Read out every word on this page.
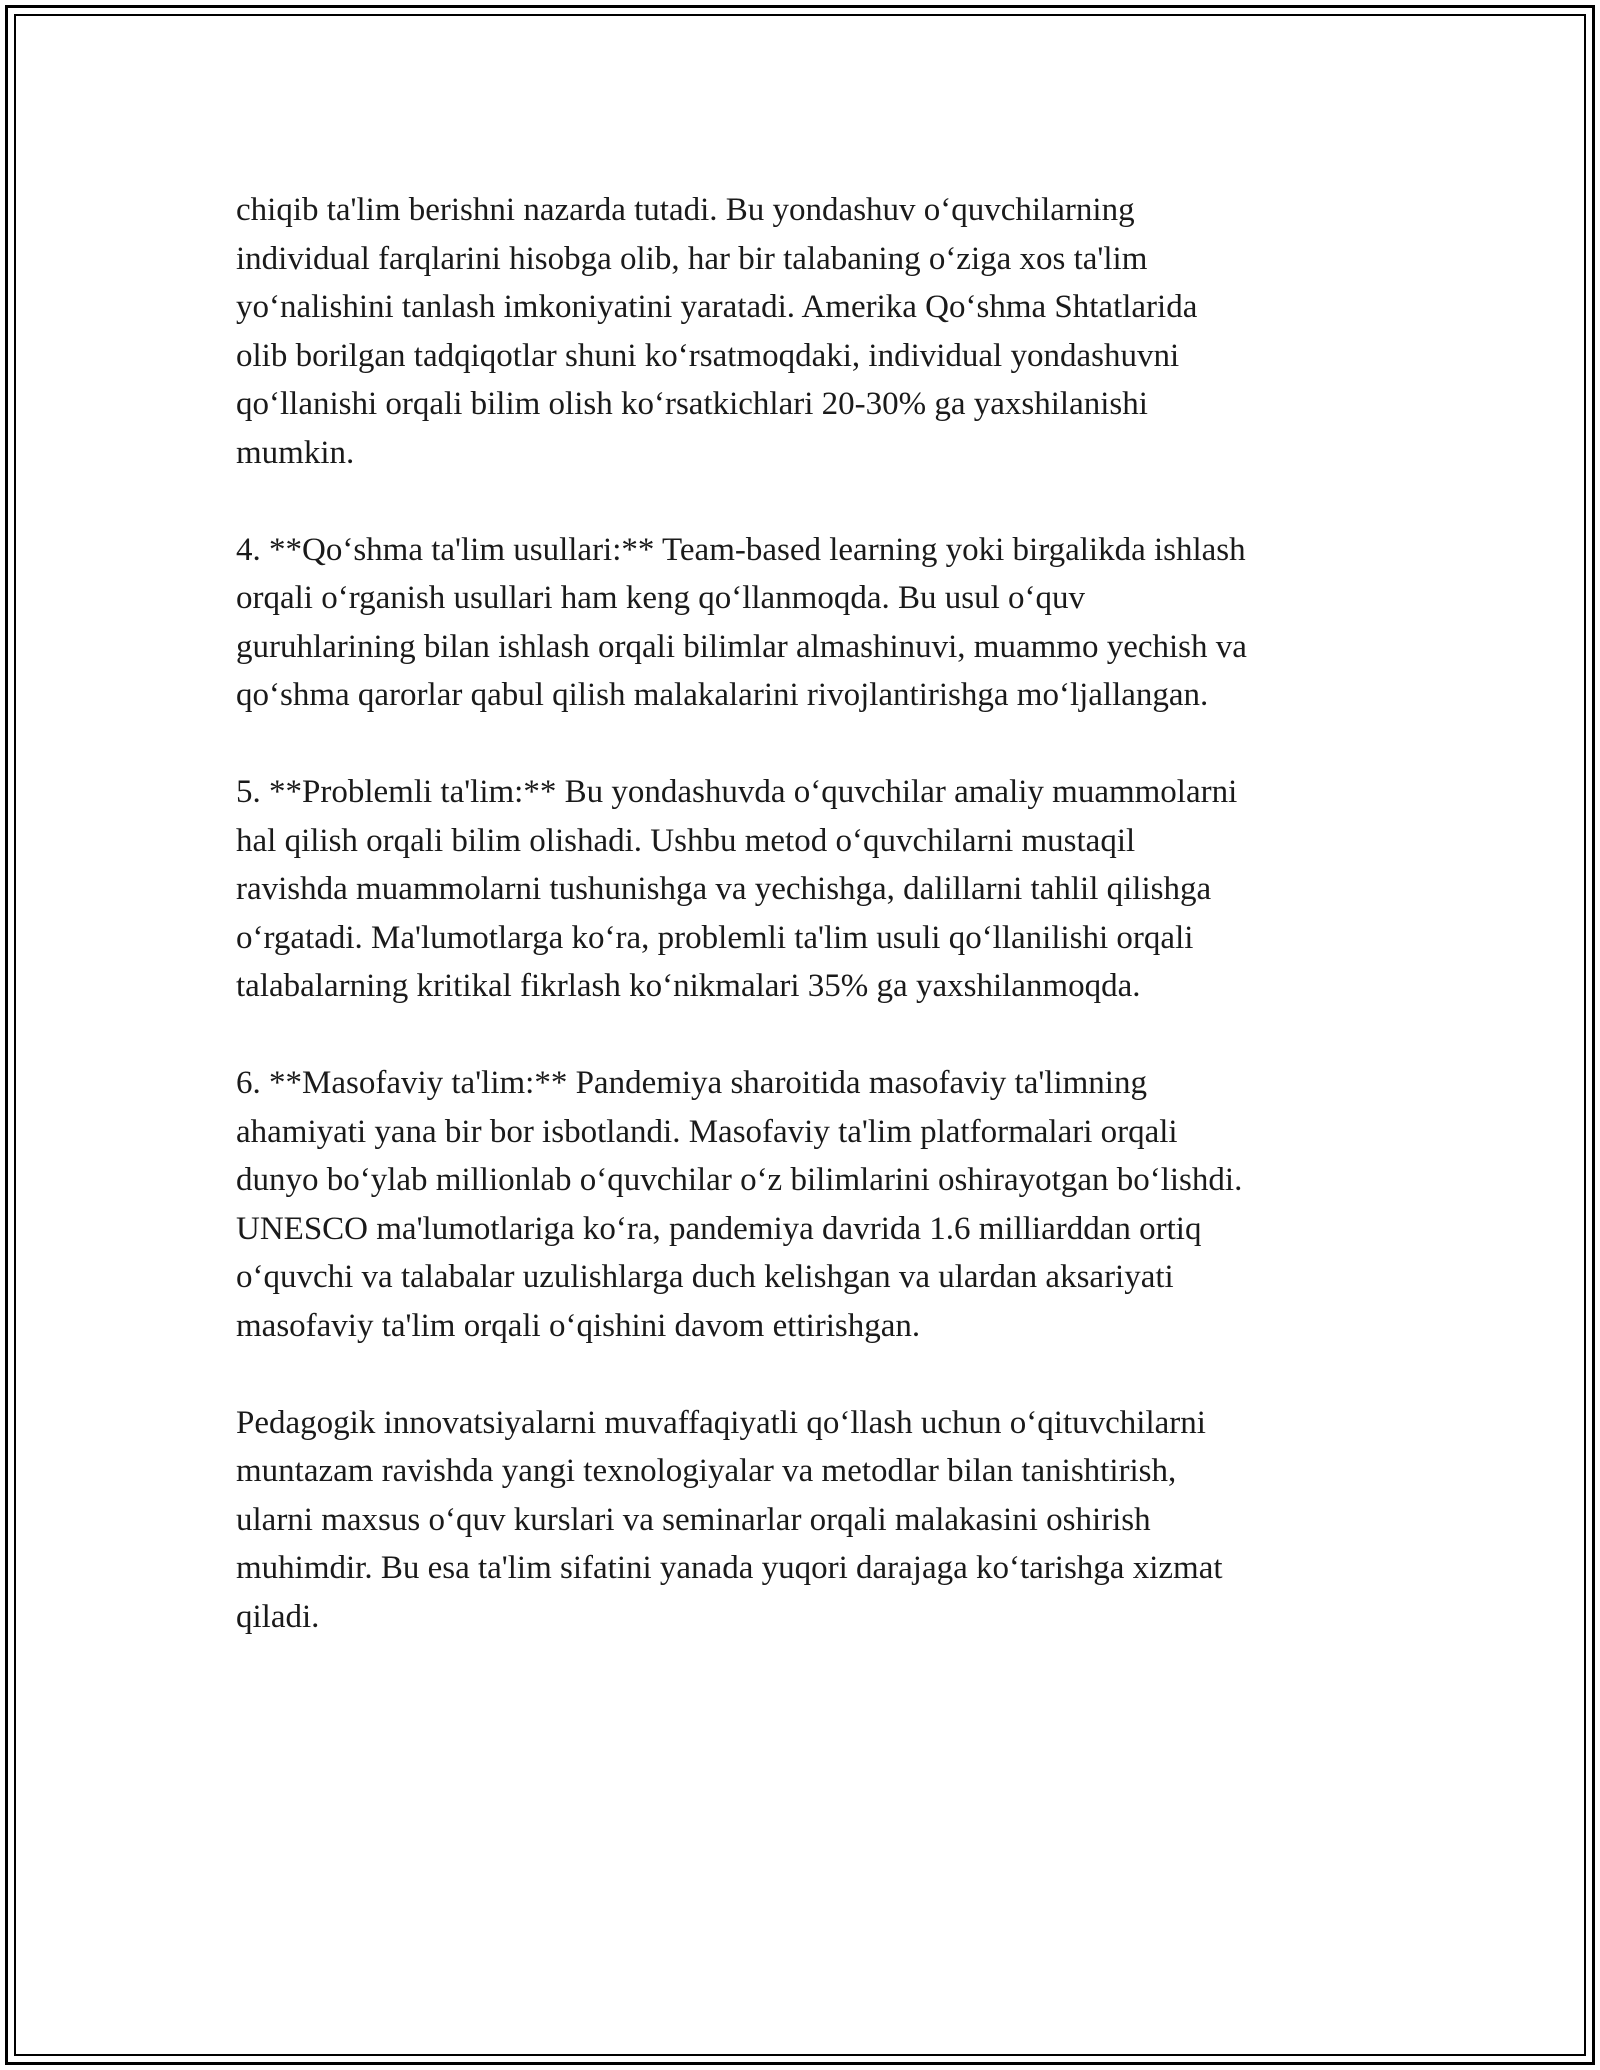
chiqib ta'lim berishni nazarda tutadi. Bu yondashuv o‘quvchilarning
individual farqlarini hisobga olib, har bir talabaning o‘ziga xos ta'lim
yo‘nalishini tanlash imkoniyatini yaratadi. Amerika Qo‘shma Shtatlarida
olib borilgan tadqiqotlar shuni ko‘rsatmoqdaki, individual yondashuvni
qo‘llanishi orqali bilim olish ko‘rsatkichlari 20-30% ga yaxshilanishi
mumkin.

4. **Qo‘shma ta'lim usullari:** Team-based learning yoki birgalikda ishlash
orqali o‘rganish usullari ham keng qo‘llanmoqda. Bu usul o‘quv
guruhlarining bilan ishlash orqali bilimlar almashinuvi, muammo yechish va
qo‘shma qarorlar qabul qilish malakalarini rivojlantirishga mo‘ljallangan.

5. **Problemli ta'lim:** Bu yondashuvda o‘quvchilar amaliy muammolarni
hal qilish orqali bilim olishadi. Ushbu metod o‘quvchilarni mustaqil
ravishda muammolarni tushunishga va yechishga, dalillarni tahlil qilishga
o‘rgatadi. Ma'lumotlarga ko‘ra, problemli ta'lim usuli qo‘llanilishi orqali
talabalarning kritikal fikrlash ko‘nikmalari 35% ga yaxshilanmoqda.

6. **Masofaviy ta'lim:** Pandemiya sharoitida masofaviy ta'limning
ahamiyati yana bir bor isbotlandi. Masofaviy ta'lim platformalari orqali
dunyo bo‘ylab millionlab o‘quvchilar o‘z bilimlarini oshirayotgan bo‘lishdi.
UNESCO ma'lumotlariga ko‘ra, pandemiya davrida 1.6 milliarddan ortiq
o‘quvchi va talabalar uzulishlarga duch kelishgan va ulardan aksariyati
masofaviy ta'lim orqali o‘qishini davom ettirishgan.

Pedagogik innovatsiyalarni muvaffaqiyatli qo‘llash uchun o‘qituvchilarni
muntazam ravishda yangi texnologiyalar va metodlar bilan tanishtirish,
ularni maxsus o‘quv kurslari va seminarlar orqali malakasini oshirish
muhimdir. Bu esa ta'lim sifatini yanada yuqori darajaga ko‘tarishga xizmat
qiladi.
